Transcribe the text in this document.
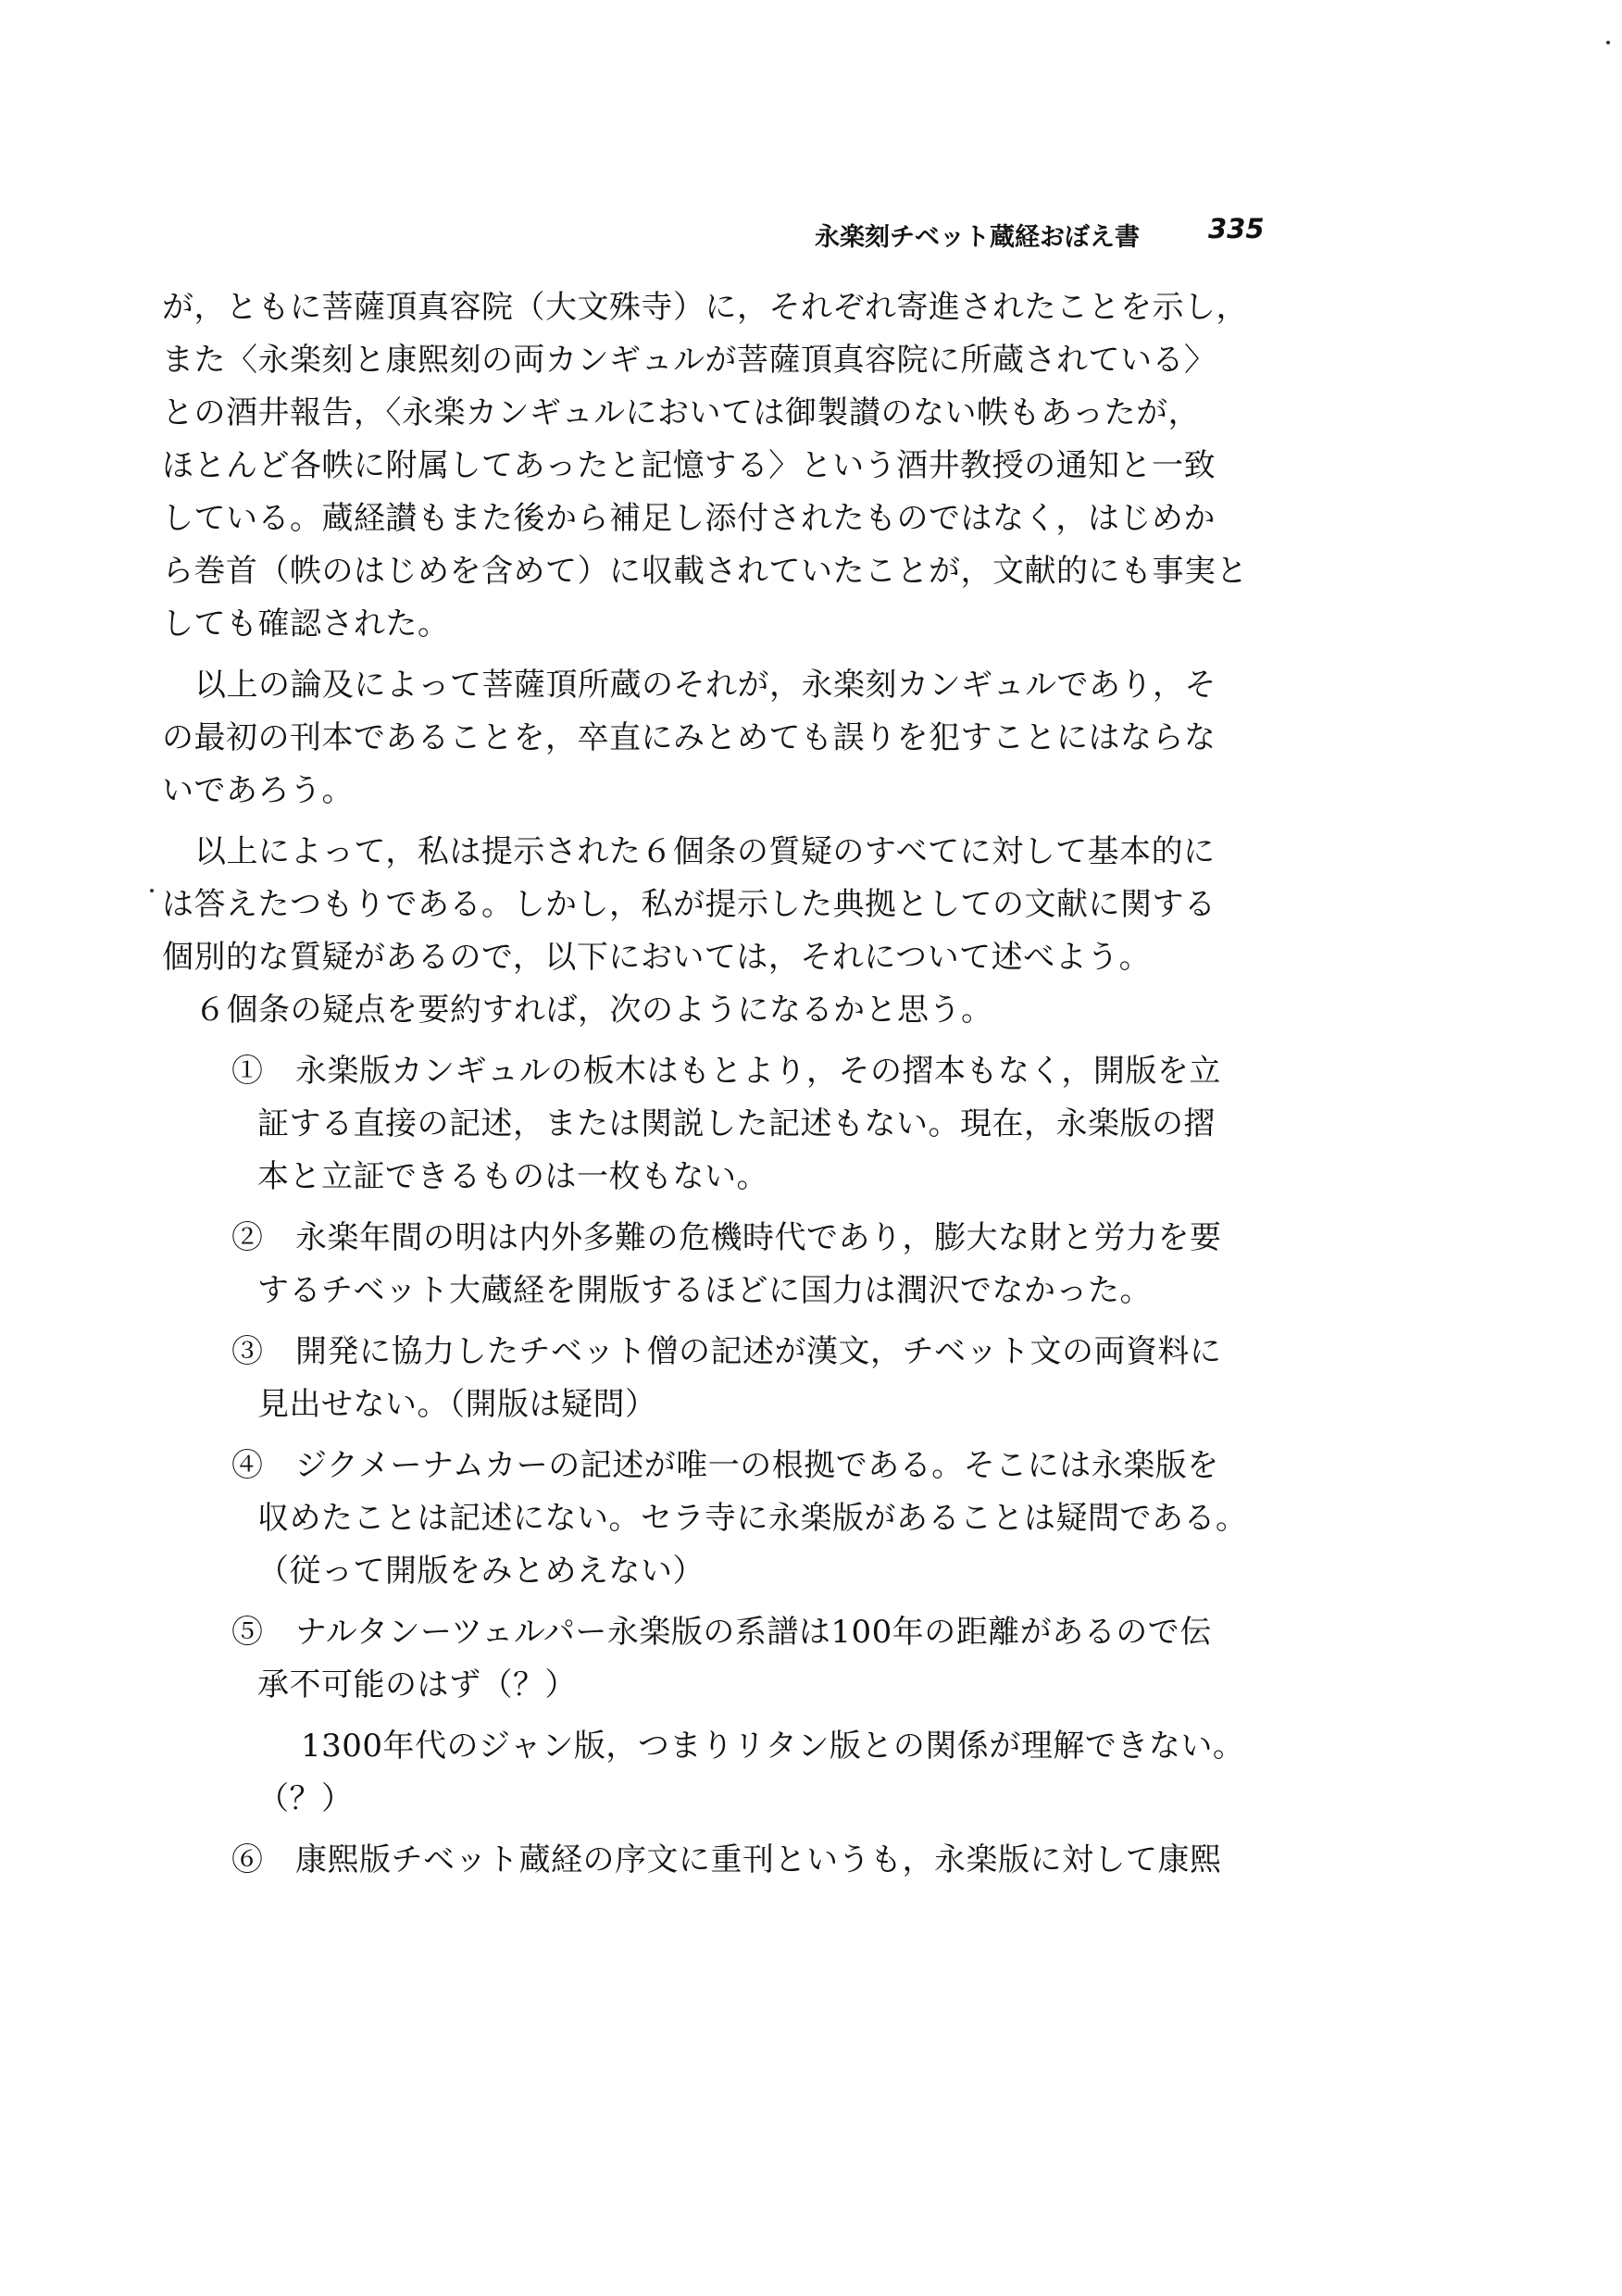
永楽刻チベット蔵経おぼえ書	335
が，ともに菩薩頂真容院（大文殊寺）に，それぞれ寄進されたことを示し，
また〈永楽刻と康熙刻の両カンギュルが菩薩頂真容院に所蔵されている〉
との酒井報告，〈永楽カンギュルにおいては御製讃のない帙もあったが，
ほとんど各帙に附属してあったと記憶する〉という酒井教授の通知と一致
している。蔵経讃もまた後から補足し添付されたものではなく，はじめか
ら巻首（帙のはじめを含めて）に収載されていたことが，文献的にも事実と
しても確認された。
以上の論及によって菩薩頂所蔵のそれが，永楽刻カンギュルであり，そ
の最初の刊本であることを，卒直にみとめても誤りを犯すことにはならな
いであろう。
以上によって，私は提示された６個条の質疑のすべてに対して基本的に
は答えたつもりである。しかし，私が提示した典拠としての文献に関する
個別的な質疑があるので，以下においては，それについて述べよう。
６個条の疑点を要約すれば，次のようになるかと思う。
①　永楽版カンギュルの板木はもとより，その摺本もなく，開版を立
証する直接の記述，または関説した記述もない。現在，永楽版の摺
本と立証できるものは一枚もない。
②　永楽年間の明は内外多難の危機時代であり，膨大な財と労力を要
するチベット大蔵経を開版するほどに国力は潤沢でなかった。
③　開発に協力したチベット僧の記述が漢文，チベット文の両資料に
見出せない。（開版は疑問）
④　ジクメーナムカーの記述が唯一の根拠である。そこには永楽版を
収めたことは記述にない。セラ寺に永楽版があることは疑問である。
（従って開版をみとめえない）
⑤　ナルタンーツェルパー永楽版の系譜は100年の距離があるので伝
承不可能のはず（？）
1300年代のジャン版，つまりリタン版との関係が理解できない。
（？）
⑥　康熙版チベット蔵経の序文に重刊というも，永楽版に対して康熙
